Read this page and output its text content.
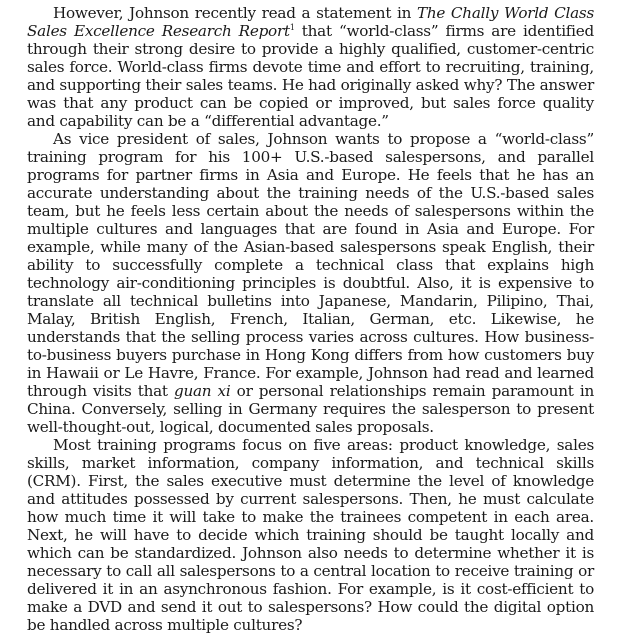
However, Johnson recently read a statement in The Chally World Class Sales Excellence Research Report$^1$ that “world-class” firms are identified through their strong desire to provide a highly qualified, customer-centric sales force. World-class firms devote time and effort to recruiting, training, and supporting their sales teams. He had originally asked why? The answer was that any product can be copied or improved, but sales force quality and capability can be a “differential advantage.”

As vice president of sales, Johnson wants to propose a “world-class” training program for his 100+ U.S.-based salespersons, and parallel programs for partner firms in Asia and Europe. He feels that he has an accurate understanding about the training needs of the U.S.-based sales team, but he feels less certain about the needs of salespersons within the multiple cultures and languages that are found in Asia and Europe. For example, while many of the Asian-based salespersons speak English, their ability to successfully complete a technical class that explains high technology air-conditioning principles is doubtful. Also, it is expensive to translate all technical bulletins into Japanese, Mandarin, Pilipino, Thai, Malay, British English, French, Italian, German, etc. Likewise, he understands that the selling process varies across cultures. How business-to-business buyers purchase in Hong Kong differs from how customers buy in Hawaii or Le Havre, France. For example, Johnson had read and learned through visits that guan xi or personal relationships remain paramount in China. Conversely, selling in Germany requires the salesperson to present well-thought-out, logical, documented sales proposals.

Most training programs focus on five areas: product knowledge, sales skills, market information, company information, and technical skills (CRM). First, the sales executive must determine the level of knowledge and attitudes possessed by current salespersons. Then, he must calculate how much time it will take to make the trainees competent in each area. Next, he will have to decide which training should be taught locally and which can be standardized. Johnson also needs to determine whether it is necessary to call all salespersons to a central location to receive training or delivered it in an asynchronous fashion. For example, is it cost-efficient to make a DVD and send it out to salespersons? How could the digital option be handled across multiple cultures?
